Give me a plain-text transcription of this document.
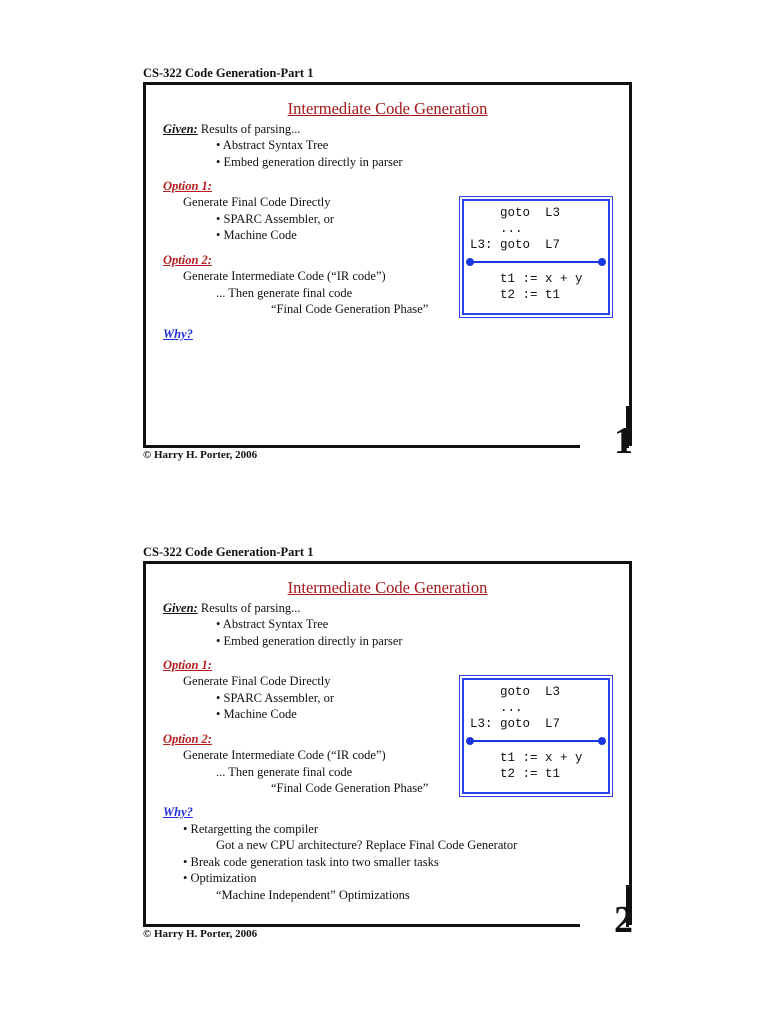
CS-322 Code Generation-Part 1
Intermediate Code Generation
Given: Results of parsing...
• Abstract Syntax Tree
• Embed generation directly in parser
Option 1:
Generate Final Code Directly
• SPARC Assembler, or
• Machine Code
Option 2:
Generate Intermediate Code (“IR code”)
... Then generate final code
“Final Code Generation Phase”
Why?
goto  L3
...
L3: goto  L7
t1 := x + y
t2 := t1
© Harry H. Porter, 2006	1
CS-322 Code Generation-Part 1
Intermediate Code Generation
Given: Results of parsing...
• Abstract Syntax Tree
• Embed generation directly in parser
Option 1:
Generate Final Code Directly
• SPARC Assembler, or
• Machine Code
Option 2:
Generate Intermediate Code (“IR code”)
... Then generate final code
“Final Code Generation Phase”
Why?
• Retargetting the compiler
Got a new CPU architecture? Replace Final Code Generator
• Break code generation task into two smaller tasks
• Optimization
“Machine Independent” Optimizations
goto  L3
...
L3: goto  L7
t1 := x + y
t2 := t1
© Harry H. Porter, 2006	2
